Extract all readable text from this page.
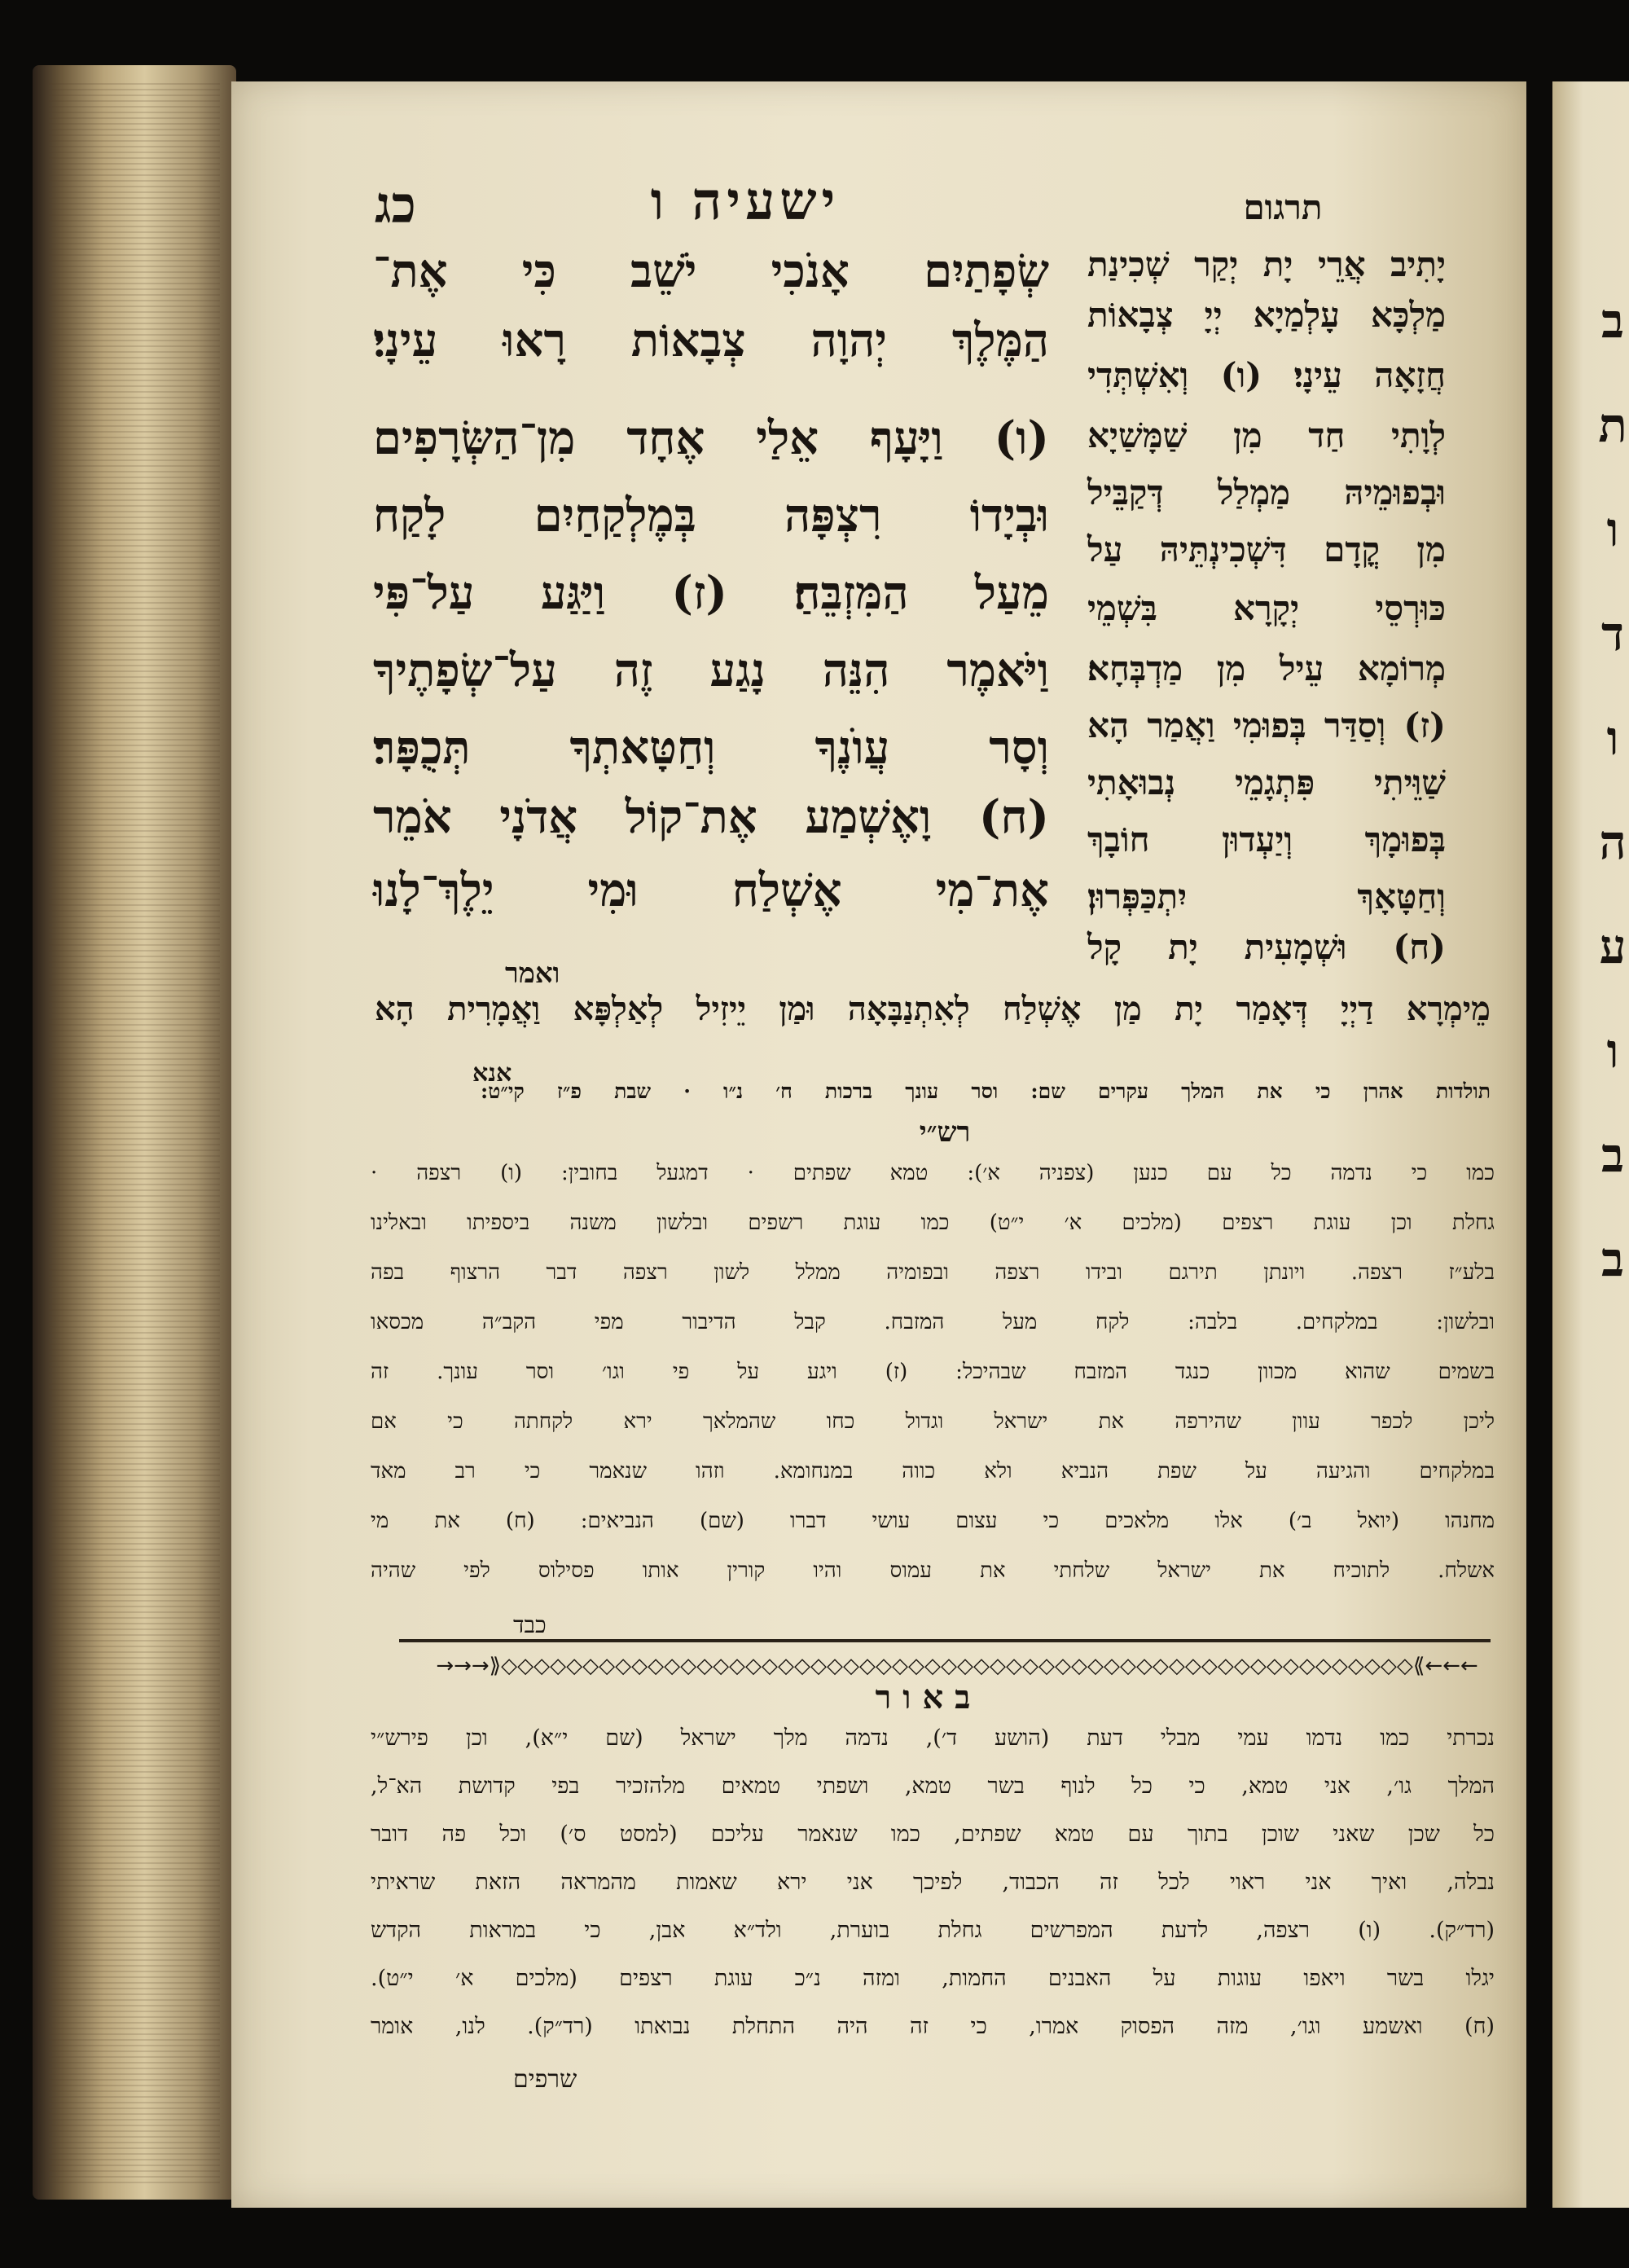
ב
ת
ו
ד
ו
ה
ע
ו
ב
ב
כג	ישעיה ו	תרגום
שְׂפָתַיִם אָנֹכִי יֹשֵׁב כִּי אֶת־
הַמֶּלֶךְ יְהוָה צְבָאוֹת רָאוּ עֵינָי׃
(ו) וַיָּעָף אֵלַי אֶחָד מִן־הַשְּׂרָפִים
וּבְיָדוֹ רִצְפָּה בְּמֶלְקַחַיִם לָקַח
מֵעַל הַמִּזְבֵּחַ׃ (ז) וַיַּגַּע עַל־פִּי
וַיֹּאמֶר הִנֵּה נָגַע זֶה עַל־שְׂפָתֶיךָ
וְסָר עֲוֺנֶךָ וְחַטָּאתְךָ תְּכֻפָּר׃
(ח) וָאֶשְׁמַע אֶת־קוֹל אֲדֹנָי אֹמֵר
אֶת־מִי אֶשְׁלַח וּמִי יֵלֶךְ־לָנוּ
ואמר
יָתִיב אֲרֵי יָת יְקַר שְׁכִינַת
מַלְכָּא עָלְמַיָא יְיָ צְבָאוֹת
חֲזָאָה עֵינָי׃ (ו) וְאִשְׁתְּדִי
לְוָתִי חַד מִן שַׁמָּשַׁיָא
וּבְפוּמֵיהּ מַמְלַל דְּקַבֵּיל
מִן קֳדָם דִּשְׁכִינְתֵּיהּ עַל
כּוּרְסֵי יְקָרָא בִּשְׁמֵי
מְרוֹמָא עֵיל מִן מַדְבְּחָא׃
(ז) וְסַדַּר בְּפוּמִי וַאֲמַר הָא
שַׁוֵּיתִי פִּתְגָמֵי נְבוּאָתִי
בְּפוּמָךְ וְיַעְדוּן חוֹבָךְ
וְחַטָּאָךְ יִתְכַּפְּרוּן׃
(ח) וּשְׁמָעִית יָת קָל
מֵימְרָא דַיְיָ דְּאָמַר יָת מַן אֶשְׁלַח לְאִתְנַבָּאָה וּמַן יֵיזִיל לְאַלְפָּא וַאֲמָרִית הָא
אנא
תולדות אהרן כי את המלך עקרים שם: וסר עונך ברכות ח׳ נ״ו · שבת פ״ז קי״ט:
רש״י
כמו כי נדמה כל עם כנען (צפניה א׳): טמא שפתים · דמגעל בחובין: (ו) רצפה ·
גחלת וכן עוגת רצפים (מלכים א׳ י״ט) כמו עוגת רשפים ובלשון משנה ביספיתו ובאלינו
בלע״ז רצפה. ויונתן תירגם ובידו רצפה ובפומיה ממלל לשון רצפה דבר הרצוף בפה
ובלשון: במלקחים. בלבה: לקח מעל המזבח. קבל הדיבור מפי הקב״ה מכסאו
בשמים שהוא מכוון כנגד המזבח שבהיכל: (ז) ויגע על פי וגו׳ וסר עונך. זה
ליכן לכפר עוון שהירפה את ישראל וגדול כחו שהמלאך ירא לקחתה כי אם
במלקחים והגיעה על שפת הנביא ולא כווה במנחומא. וזהו שנאמר כי רב מאד
מחנהו (יואל ב׳) אלו מלאכים כי עצום עושי דברו (שם) הנביאים: (ח) את מי
אשלח. לתוכיח את ישראל שלחתי את עמוס והיו קורין אותו פסילוס לפי שהיה
כבד
→→→⟫◇◇◇◇◇◇◇◇◇◇◇◇◇◇◇◇◇◇◇◇◇◇◇◇◇◇◇◇◇◇◇◇◇◇◇◇◇◇◇◇◇◇◇◇◇◇◇◇◇◇◇◇◇◇◇◇⟪←←←
באור
נכרתי כמו נדמו עמי מבלי דעת (הושע ד׳), נדמה מלך ישראל (שם י״א), וכן פירש״י
המלך גו׳, אני טמא, כי כל לנוף בשר טמא, ושפתי טמאים מלהזכיר בפי קדושת הא־ל,
כל שכן שאני שוכן בתוך עם טמא שפתים, כמו שנאמר עליכם (למסט ס׳) וכל פה דובר
נבלה, ואיך אני ראוי לכל זה הכבוד, לפיכך אני ירא שאמות מהמראה הזאת שראיתי
(רד״ק). (ו) רצפה, לדעת המפרשים גחלת בוערת, ולד״א אבן, כי במראות הקדש
יגלו בשר ויאפו עוגות על האבנים החמות, ומזה נ״כ עוגת רצפים (מלכים א׳ י״ט).
(ח) ואשמע וגו׳, מזה הפסוק אמרו, כי זה היה התחלת נבואתו (רד״ק). לנו, אומר
שרפים
